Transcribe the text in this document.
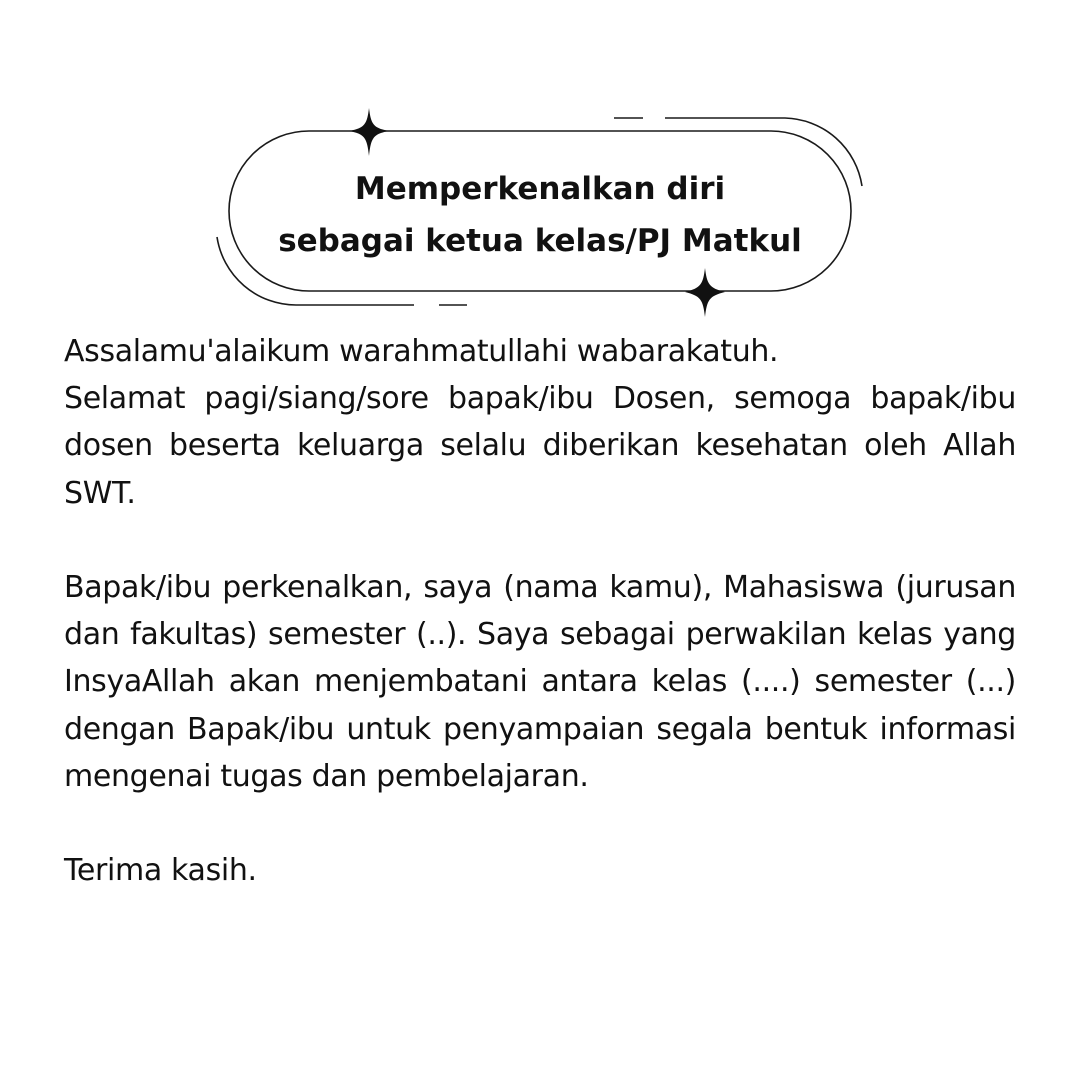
Memperkenalkan diri
sebagai ketua kelas/PJ Matkul

Assalamu'alaikum warahmatullahi wabarakatuh.

Selamat pagi/siang/sore bapak/ibu Dosen, semoga bapak/ibu dosen beserta keluarga selalu diberikan kesehatan oleh Allah SWT.

Bapak/ibu perkenalkan, saya (nama kamu), Mahasiswa (jurusan dan fakultas) semester (..). Saya sebagai perwakilan kelas yang InsyaAllah akan menjembatani antara kelas (....) semester (...) dengan Bapak/ibu untuk penyampaian segala bentuk informasi mengenai tugas dan pembelajaran.

Terima kasih.
